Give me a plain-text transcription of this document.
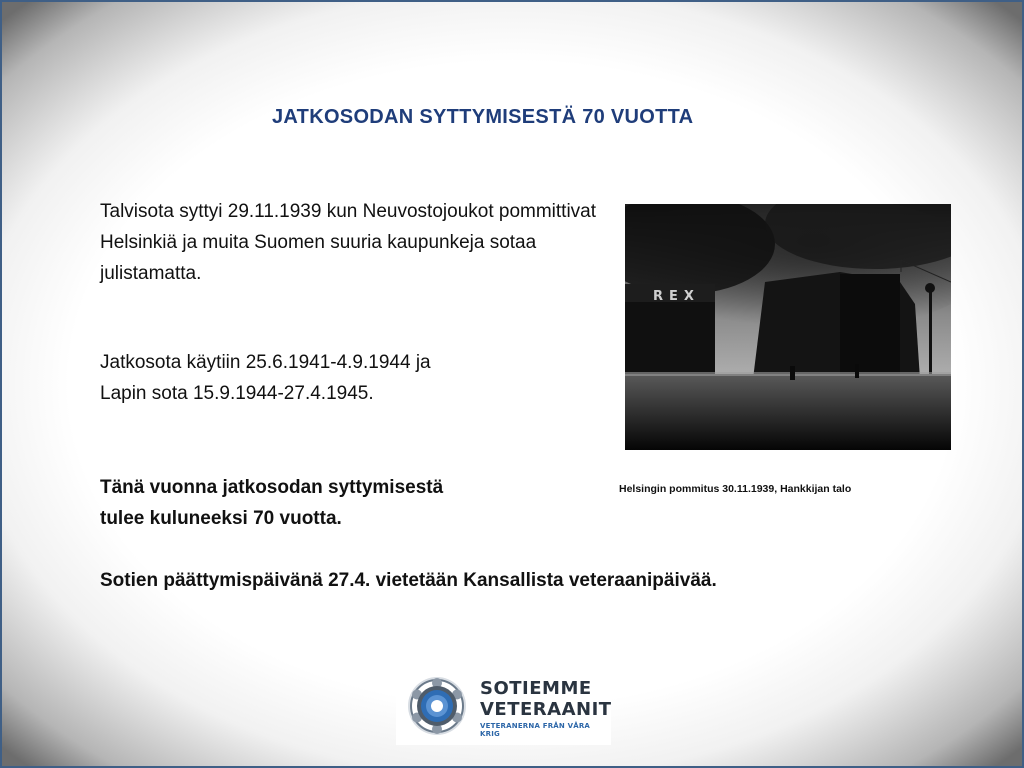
JATKOSODAN SYTTYMISESTÄ 70 VUOTTA
Talvisota syttyi 29.11.1939 kun Neuvostojoukot pommittivat Helsinkiä ja muita Suomen suuria kaupunkeja sotaa julistamatta.
Jatkosota käytiin 25.6.1941-4.9.1944 ja
Lapin sota 15.9.1944-27.4.1945.
Tänä vuonna jatkosodan syttymisestä
tulee kuluneeksi 70 vuotta.
Sotien päättymispäivänä 27.4. vietetään Kansallista veteraanipäivää.
REX
Helsingin pommitus 30.11.1939, Hankkijan talo
SOTIEMME
VETERAANIT
VETERANERNA FRÅN VÅRA KRIG
